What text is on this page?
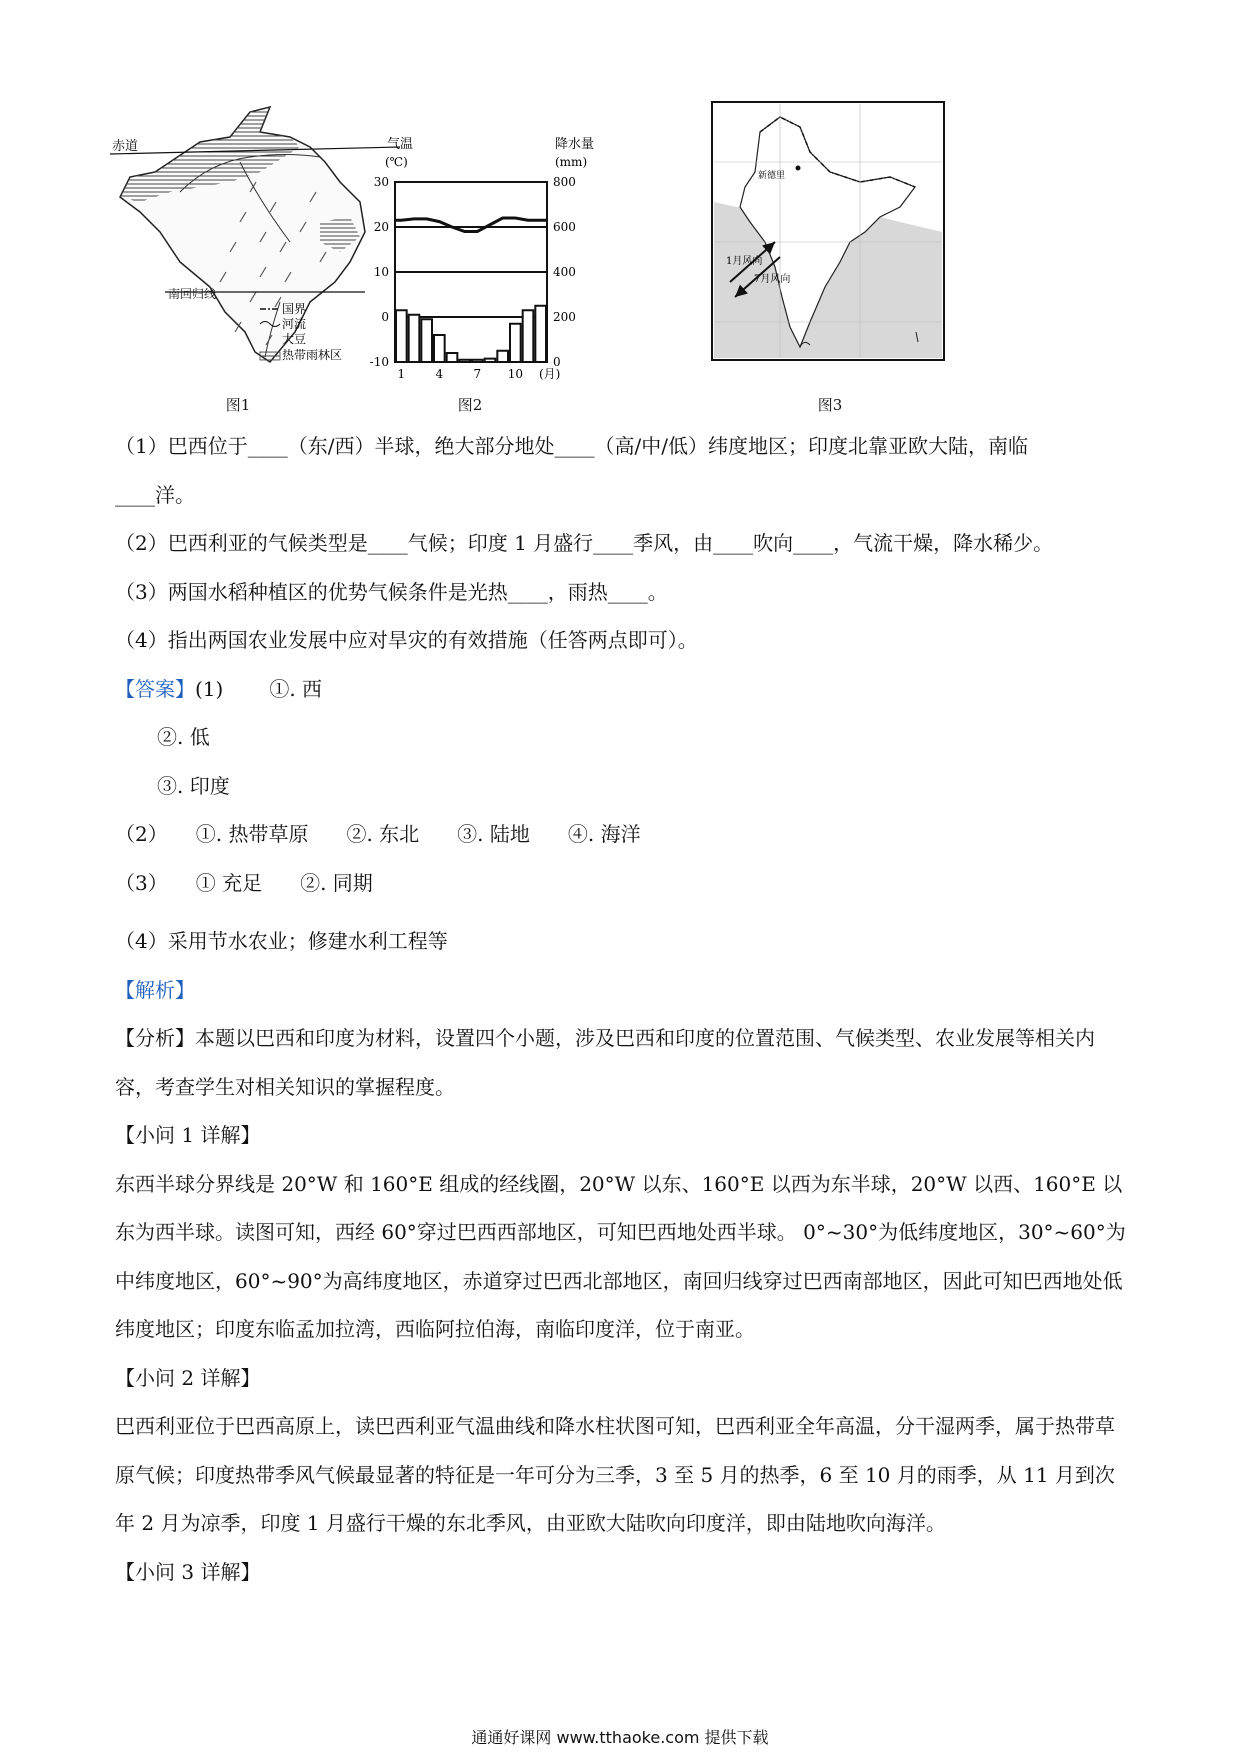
赤道
南回归线
国界
河流
大豆
热带雨林区
图1
气温
(℃)
降水量
(mm)
30
20
10
0
-10
800
600
400
200
0
1	4	7 10 (月)
图2
新德里
1月风向
7月风向
图3

（1）巴西位于____（东/西）半球，绝大部分地处____（高/中/低）纬度地区；印度北靠亚欧大陆，南临

____洋。

（2）巴西利亚的气候类型是____气候；印度 1 月盛行____季风，由____吹向____，气流干燥，降水稀少。

（3）两国水稻种植区的优势气候条件是光热____，雨热____。

（4）指出两国农业发展中应对旱灾的有效措施（任答两点即可）。

【答案】(1) ①. 西

②. 低

③. 印度

（2） ①. 热带草原 ②. 东北 ③. 陆地 ④. 海洋

（3） ① 充足 ②. 同期

（4）采用节水农业；修建水利工程等

【解析】

【分析】本题以巴西和印度为材料，设置四个小题，涉及巴西和印度的位置范围、气候类型、农业发展等相关内容，考查学生对相关知识的掌握程度。

【小问 1 详解】

东西半球分界线是 20°W 和 160°E 组成的经线圈，20°W 以东、160°E 以西为东半球，20°W 以西、160°E 以东为西半球。读图可知，西经 60°穿过巴西西部地区，可知巴西地处西半球。 0°~30°为低纬度地区，30°~60°为中纬度地区，60°~90°为高纬度地区，赤道穿过巴西北部地区，南回归线穿过巴西南部地区，因此可知巴西地处低纬度地区；印度东临孟加拉湾，西临阿拉伯海，南临印度洋，位于南亚。

【小问 2 详解】

巴西利亚位于巴西高原上，读巴西利亚气温曲线和降水柱状图可知，巴西利亚全年高温，分干湿两季，属于热带草原气候；印度热带季风气候最显著的特征是一年可分为三季，3 至 5 月的热季，6 至 10 月的雨季，从 11 月到次年 2 月为凉季，印度 1 月盛行干燥的东北季风，由亚欧大陆吹向印度洋，即由陆地吹向海洋。

【小问 3 详解】

通通好课网 www.tthaoke.com 提供下载
